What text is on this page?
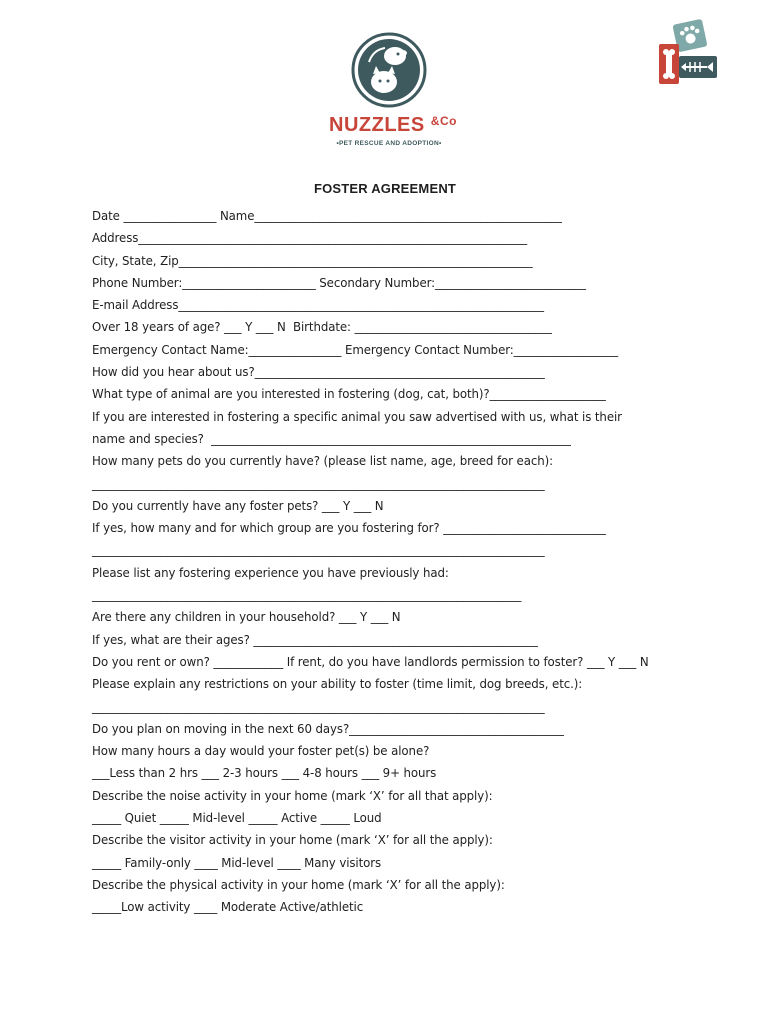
NUZZLES $^{\&Co}$
•PET RESCUE AND ADOPTION•
FOSTER AGREEMENT
Date ________________ Name_____________________________________________________
Address___________________________________________________________________
City, State, Zip_____________________________________________________________
Phone Number:_______________________ Secondary Number:__________________________
E-mail Address_______________________________________________________________
Over 18 years of age? ___ Y ___ N  Birthdate: __________________________________
Emergency Contact Name:________________ Emergency Contact Number:__________________
How did you hear about us?__________________________________________________
What type of animal are you interested in fostering (dog, cat, both)?____________________
If you are interested in fostering a specific animal you saw advertised with us, what is their
name and species?  ______________________________________________________________
How many pets do you currently have? (please list name, age, breed for each):
______________________________________________________________________________
Do you currently have any foster pets? ___ Y ___ N
If yes, how many and for which group are you fostering for? ____________________________
______________________________________________________________________________
Please list any fostering experience you have previously had:
__________________________________________________________________________
Are there any children in your household? ___ Y ___ N
If yes, what are their ages? _________________________________________________
Do you rent or own? ____________ If rent, do you have landlords permission to foster? ___ Y ___ N
Please explain any restrictions on your ability to foster (time limit, dog breeds, etc.):
______________________________________________________________________________
Do you plan on moving in the next 60 days?_____________________________________
How many hours a day would your foster pet(s) be alone?
___Less than 2 hrs ___ 2-3 hours ___ 4-8 hours ___ 9+ hours
Describe the noise activity in your home (mark ‘X’ for all that apply):
_____ Quiet _____ Mid-level _____ Active _____ Loud
Describe the visitor activity in your home (mark ‘X’ for all the apply):
_____ Family-only ____ Mid-level ____ Many visitors
Describe the physical activity in your home (mark ‘X’ for all the apply):
_____Low activity ____ Moderate Active/athletic
